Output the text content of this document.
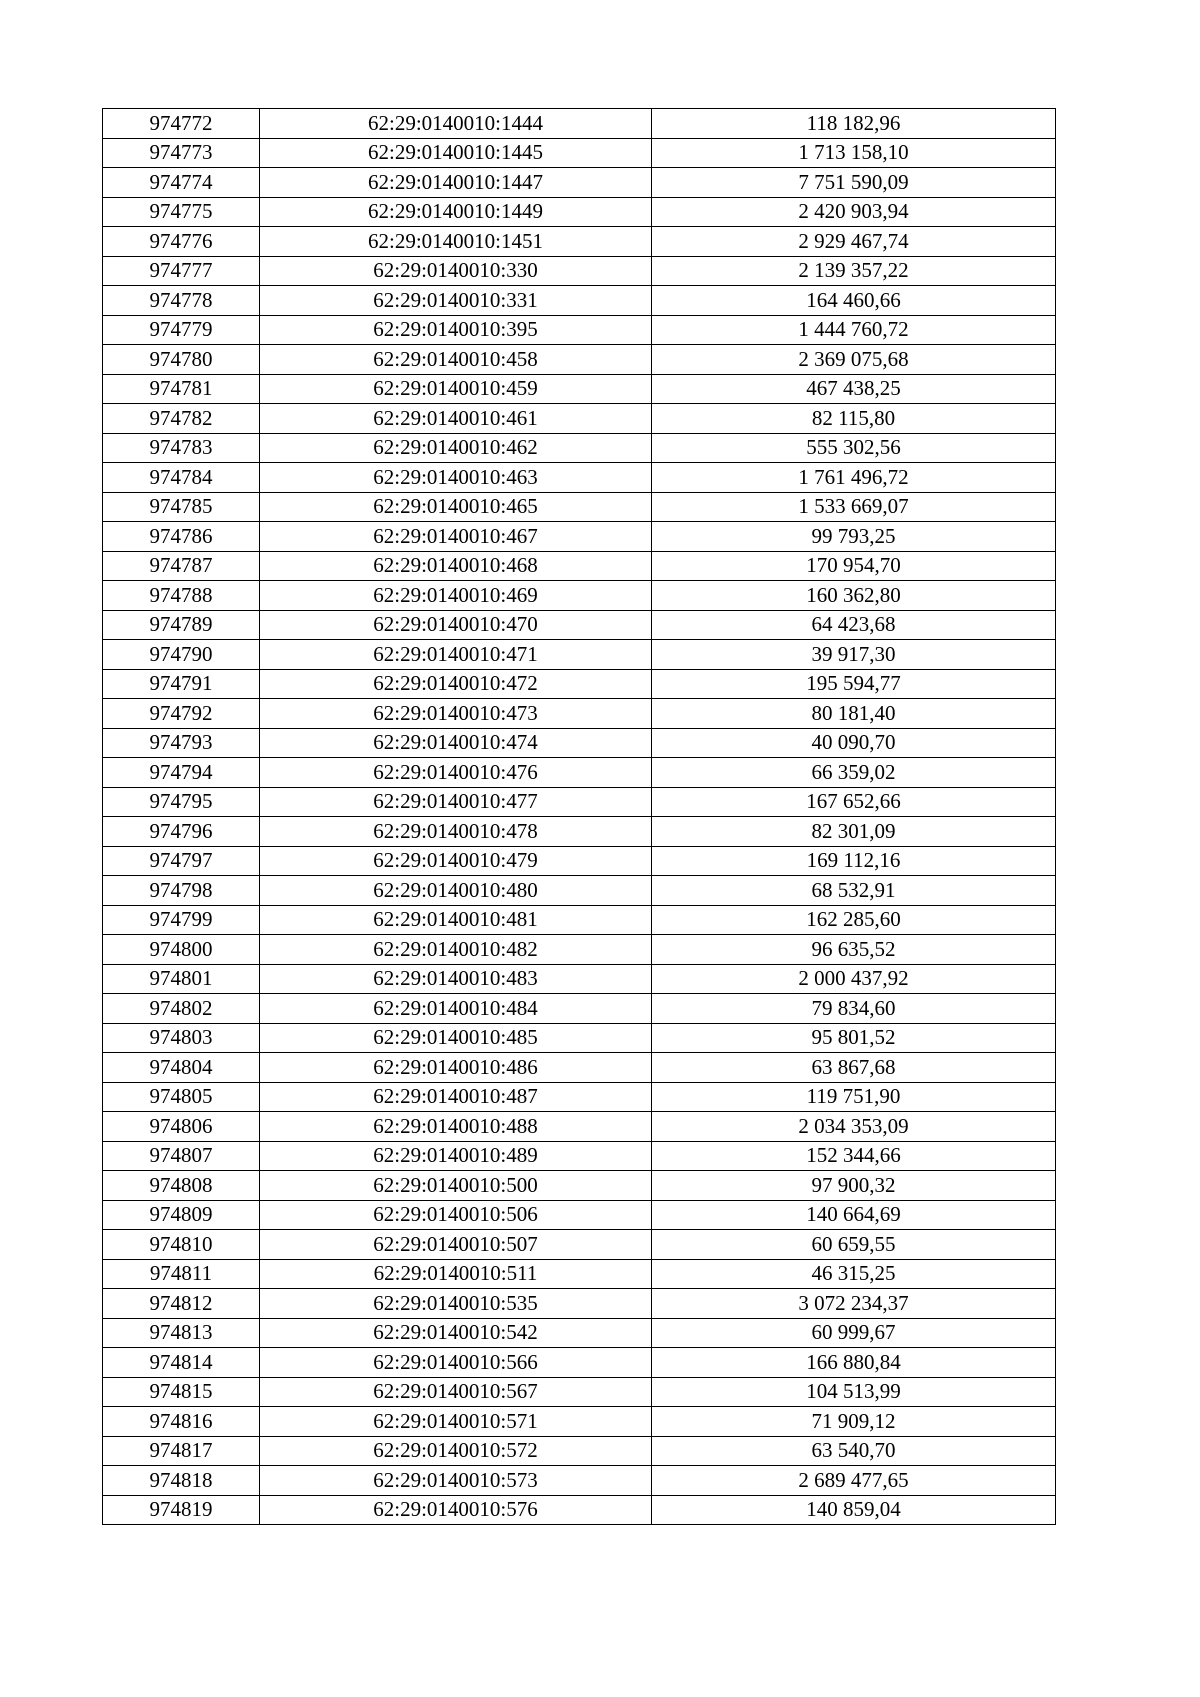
974772	62:29:0140010:1444	118 182,96
974773	62:29:0140010:1445	1 713 158,10
974774	62:29:0140010:1447	7 751 590,09
974775	62:29:0140010:1449	2 420 903,94
974776	62:29:0140010:1451	2 929 467,74
974777	62:29:0140010:330	2 139 357,22
974778	62:29:0140010:331	164 460,66
974779	62:29:0140010:395	1 444 760,72
974780	62:29:0140010:458	2 369 075,68
974781	62:29:0140010:459	467 438,25
974782	62:29:0140010:461	82 115,80
974783	62:29:0140010:462	555 302,56
974784	62:29:0140010:463	1 761 496,72
974785	62:29:0140010:465	1 533 669,07
974786	62:29:0140010:467	99 793,25
974787	62:29:0140010:468	170 954,70
974788	62:29:0140010:469	160 362,80
974789	62:29:0140010:470	64 423,68
974790	62:29:0140010:471	39 917,30
974791	62:29:0140010:472	195 594,77
974792	62:29:0140010:473	80 181,40
974793	62:29:0140010:474	40 090,70
974794	62:29:0140010:476	66 359,02
974795	62:29:0140010:477	167 652,66
974796	62:29:0140010:478	82 301,09
974797	62:29:0140010:479	169 112,16
974798	62:29:0140010:480	68 532,91
974799	62:29:0140010:481	162 285,60
974800	62:29:0140010:482	96 635,52
974801	62:29:0140010:483	2 000 437,92
974802	62:29:0140010:484	79 834,60
974803	62:29:0140010:485	95 801,52
974804	62:29:0140010:486	63 867,68
974805	62:29:0140010:487	119 751,90
974806	62:29:0140010:488	2 034 353,09
974807	62:29:0140010:489	152 344,66
974808	62:29:0140010:500	97 900,32
974809	62:29:0140010:506	140 664,69
974810	62:29:0140010:507	60 659,55
974811	62:29:0140010:511	46 315,25
974812	62:29:0140010:535	3 072 234,37
974813	62:29:0140010:542	60 999,67
974814	62:29:0140010:566	166 880,84
974815	62:29:0140010:567	104 513,99
974816	62:29:0140010:571	71 909,12
974817	62:29:0140010:572	63 540,70
974818	62:29:0140010:573	2 689 477,65
974819	62:29:0140010:576	140 859,04
